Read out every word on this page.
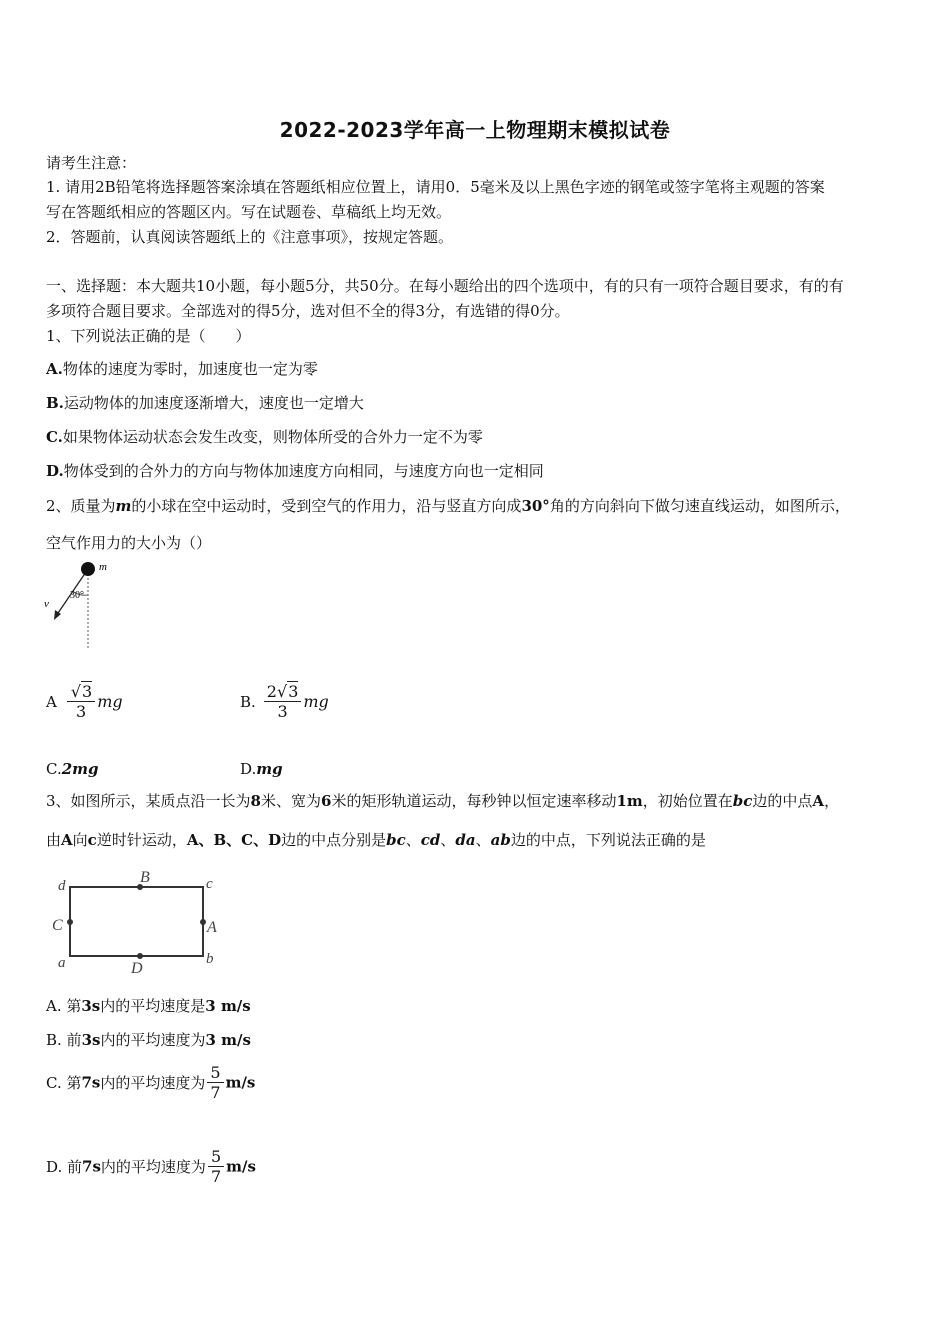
2022-2023学年高一上物理期末模拟试卷
请考生注意：
1. 请用2B铅笔将选择题答案涂填在答题纸相应位置上，请用0．5毫米及以上黑色字迹的钢笔或签字笔将主观题的答案
写在答题纸相应的答题区内。写在试题卷、草稿纸上均无效。
2．答题前，认真阅读答题纸上的《注意事项》，按规定答题。
一、选择题：本大题共10小题，每小题5分，共50分。在每小题给出的四个选项中，有的只有一项符合题目要求，有的有
多项符合题目要求。全部选对的得5分，选对但不全的得3分，有选错的得0分。
1、下列说法正确的是（　　）
A.物体的速度为零时，加速度也一定为零
B.运动物体的加速度逐渐增大，速度也一定增大
C.如果物体运动状态会发生改变，则物体所受的合外力一定不为零
D.物体受到的合外力的方向与物体加速度方向相同，与速度方向也一定相同
2、质量为m的小球在空中运动时，受到空气的作用力，沿与竖直方向成30°角的方向斜向下做匀速直线运动，如图所示，
空气作用力的大小为（）
m
v
30°
A $\frac{√3}{3}$ mg	B. $\frac{2√3}{3}$ mg
C.2mg	D.mg
3、如图所示，某质点沿一长为8米、宽为6米的矩形轨道运动，每秒钟以恒定速率移动1m，初始位置在bc边的中点A，
由A向c逆时针运动，A、B、C、D边的中点分别是bc、cd、da、ab边的中点，下列说法正确的是
d	c
a	b
B
A
C
D
A. 第3s内的平均速度是3 m/s
B. 前3s内的平均速度为3 m/s
C. 第7s内的平均速度为 $\frac{5}{7} m/s$
D. 前7s内的平均速度为 $\frac{5}{7} m/s$
